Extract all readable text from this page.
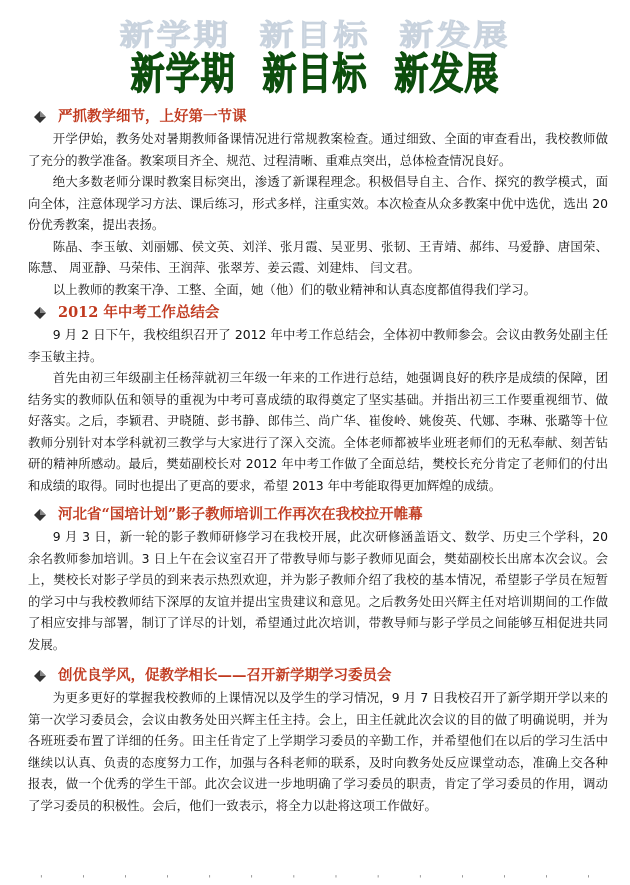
新学期 新目标 新发展
新学期 新目标 新发展
严抓教学细节，上好第一节课

开学伊始，教务处对暑期教师备课情况进行常规教案检查。通过细致、全面的审查看出，我校教师做了充分的教学准备。教案项目齐全、规范、过程清晰、重难点突出，总体检查情况良好。

绝大多数老师分课时教案目标突出，渗透了新课程理念。积极倡导自主、合作、探究的教学模式，面向全体，注意体现学习方法、课后练习，形式多样，注重实效。本次检查从众多教案中优中选优，选出 20 份优秀教案，提出表扬。

陈晶、李玉敏、刘丽娜、侯文英、刘洋、张月霞、吴亚男、张韧、王青靖、郝纬、马爱静、唐国荣、陈慧、 周亚静、马荣伟、王润萍、张翠芳、姜云霞、刘建炜、 闫文君。

以上教师的教案干净、工整、全面，她（他）们的敬业精神和认真态度都值得我们学习。

2012 年中考工作总结会

9 月 2 日下午，我校组织召开了 2012 年中考工作总结会，全体初中教师参会。会议由教务处副主任李玉敏主持。

首先由初三年级副主任杨萍就初三年级一年来的工作进行总结，她强调良好的秩序是成绩的保障，团结务实的教师队伍和领导的重视为中考可喜成绩的取得奠定了坚实基础。并指出初三工作要重视细节、做好落实。之后，李颖君、尹晓随、彭书静、郎伟兰、尚广华、崔俊岭、姚俊英、代娜、李琳、张璐等十位教师分别针对本学科就初三教学与大家进行了深入交流。全体老师都被毕业班老师们的无私奉献、刻苦钻研的精神所感动。最后，樊茹副校长对 2012 年中考工作做了全面总结，樊校长充分肯定了老师们的付出和成绩的取得。同时也提出了更高的要求，希望 2013 年中考能取得更加辉煌的成绩。

河北省“国培计划”影子教师培训工作再次在我校拉开帷幕

9 月 3 日，新一轮的影子教师研修学习在我校开展，此次研修涵盖语文、数学、历史三个学科，20 余名教师参加培训。3 日上午在会议室召开了带教导师与影子教师见面会，樊茹副校长出席本次会议。会上，樊校长对影子学员的到来表示热烈欢迎，并为影子教师介绍了我校的基本情况，希望影子学员在短暂的学习中与我校教师结下深厚的友谊并提出宝贵建议和意见。之后教务处田兴辉主任对培训期间的工作做了相应安排与部署，制订了详尽的计划，希望通过此次培训，带教导师与影子学员之间能够互相促进共同发展。

创优良学风，促教学相长——召开新学期学习委员会

为更多更好的掌握我校教师的上课情况以及学生的学习情况，9 月 7 日我校召开了新学期开学以来的第一次学习委员会，会议由教务处田兴辉主任主持。会上，田主任就此次会议的目的做了明确说明，并为各班班委布置了详细的任务。田主任肯定了上学期学习委员的辛勤工作，并希望他们在以后的学习生活中继续以认真、负责的态度努力工作，加强与各科老师的联系，及时向教务处反应课堂动态，准确上交各种报表，做一个优秀的学生干部。此次会议进一步地明确了学习委员的职责，肯定了学习委员的作用，调动了学习委员的积极性。会后，他们一致表示，将全力以赴将这项工作做好。

ˌ	ˌ	ˌ	ˌ	ˌ	ˌ	ˌ	ˌ	ˌ	ˌ	ˌ	ˌ	ˌ	ˌ
